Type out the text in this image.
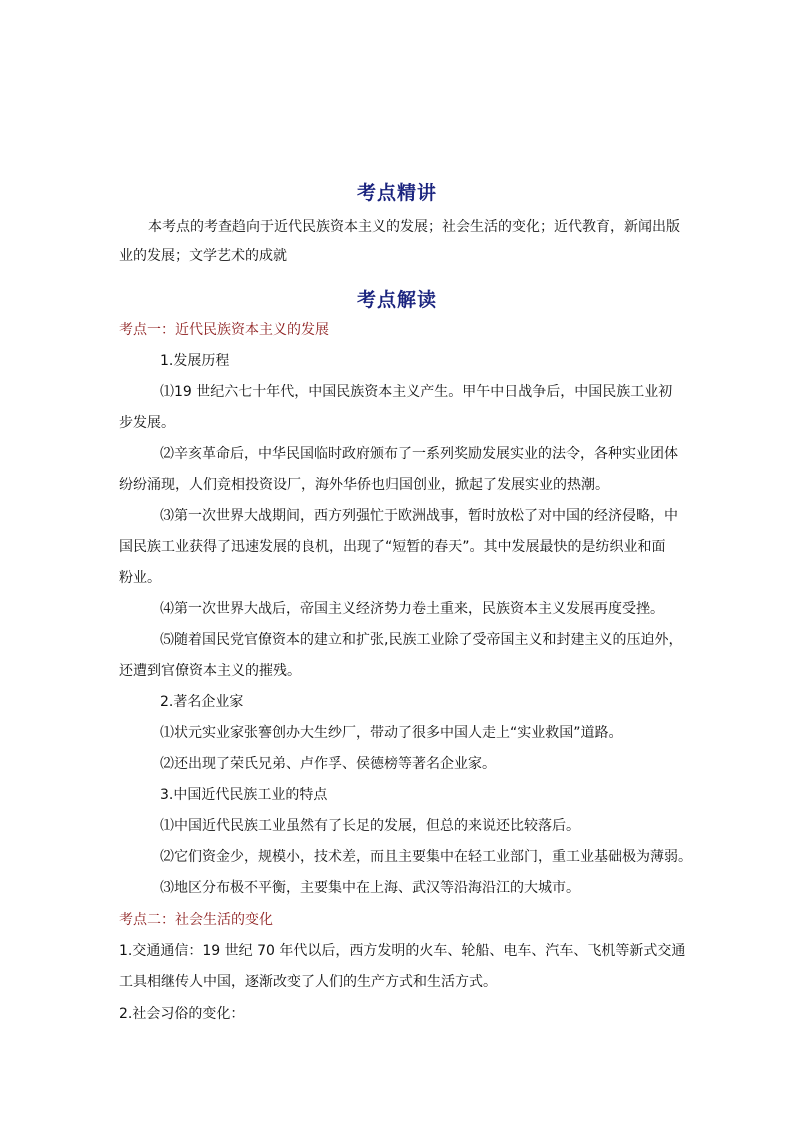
考点精讲
本考点的考查趋向于近代民族资本主义的发展；社会生活的变化；近代教育，新闻出版
业的发展；文学艺术的成就
考点解读
考点一：近代民族资本主义的发展
1.发展历程
⑴19 世纪六七十年代，中国民族资本主义产生。甲午中日战争后，中国民族工业初
步发展。
⑵辛亥革命后，中华民国临时政府颁布了一系列奖励发展实业的法令，各种实业团体
纷纷涌现，人们竞相投资设厂，海外华侨也归国创业，掀起了发展实业的热潮。
⑶第一次世界大战期间，西方列强忙于欧洲战事，暂时放松了对中国的经济侵略，中
国民族工业获得了迅速发展的良机，出现了“短暂的春天”。其中发展最快的是纺织业和面
粉业。
⑷第一次世界大战后，帝国主义经济势力卷土重来，民族资本主义发展再度受挫。
⑸随着国民党官僚资本的建立和扩张,民族工业除了受帝国主义和封建主义的压迫外，
还遭到官僚资本主义的摧残。
2.著名企业家
⑴状元实业家张謇创办大生纱厂，带动了很多中国人走上“实业救国”道路。
⑵还出现了荣氏兄弟、卢作孚、侯德榜等著名企业家。
3.中国近代民族工业的特点
⑴中国近代民族工业虽然有了长足的发展，但总的来说还比较落后。
⑵它们资金少，规模小，技术差，而且主要集中在轻工业部门，重工业基础极为薄弱。
⑶地区分布极不平衡，主要集中在上海、武汉等沿海沿江的大城市。
考点二：社会生活的变化
1.交通通信：19 世纪 70 年代以后，西方发明的火车、轮船、电车、汽车、飞机等新式交通
工具相继传人中国，逐渐改变了人们的生产方式和生活方式。
2.社会习俗的变化：
